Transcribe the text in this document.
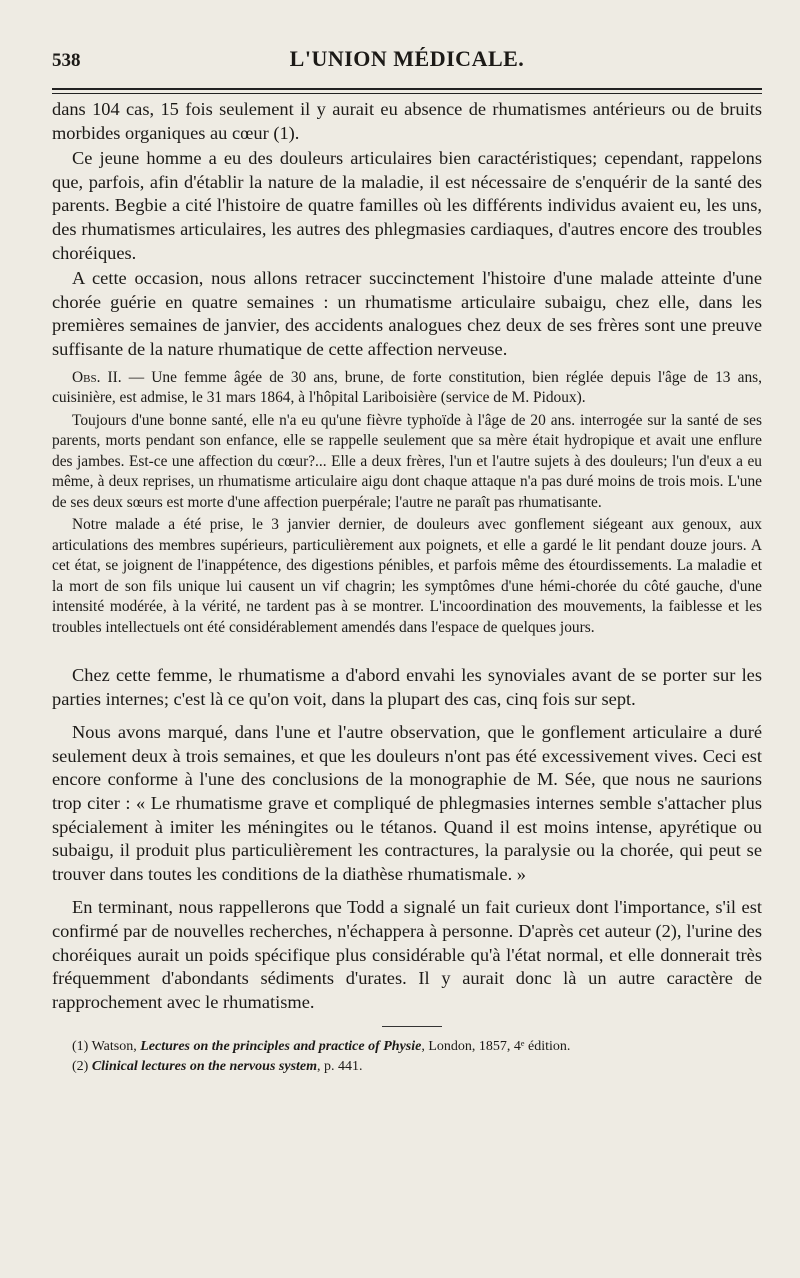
538	L'UNION MÉDICALE.

dans 104 cas, 15 fois seulement il y aurait eu absence de rhumatismes antérieurs ou de bruits morbides organiques au cœur (1).

Ce jeune homme a eu des douleurs articulaires bien caractéristiques; cependant, rappelons que, parfois, afin d'établir la nature de la maladie, il est nécessaire de s'enquérir de la santé des parents. Begbie a cité l'histoire de quatre familles où les différents individus avaient eu, les uns, des rhumatismes articulaires, les autres des phlegmasies cardiaques, d'autres encore des troubles choréiques.

A cette occasion, nous allons retracer succinctement l'histoire d'une malade atteinte d'une chorée guérie en quatre semaines : un rhumatisme articulaire subaigu, chez elle, dans les premières semaines de janvier, des accidents analogues chez deux de ses frères sont une preuve suffisante de la nature rhumatique de cette affection nerveuse.

Obs. II. — Une femme âgée de 30 ans, brune, de forte constitution, bien réglée depuis l'âge de 13 ans, cuisinière, est admise, le 31 mars 1864, à l'hôpital Lariboisière (service de M. Pidoux).

Toujours d'une bonne santé, elle n'a eu qu'une fièvre typhoïde à l'âge de 20 ans. interrogée sur la santé de ses parents, morts pendant son enfance, elle se rappelle seulement que sa mère était hydropique et avait une enflure des jambes. Est-ce une affection du cœur?... Elle a deux frères, l'un et l'autre sujets à des douleurs; l'un d'eux a eu même, à deux reprises, un rhumatisme articulaire aigu dont chaque attaque n'a pas duré moins de trois mois. L'une de ses deux sœurs est morte d'une affection puerpérale; l'autre ne paraît pas rhumatisante.

Notre malade a été prise, le 3 janvier dernier, de douleurs avec gonflement siégeant aux genoux, aux articulations des membres supérieurs, particulièrement aux poignets, et elle a gardé le lit pendant douze jours. A cet état, se joignent de l'inappétence, des digestions pénibles, et parfois même des étourdissements. La maladie et la mort de son fils unique lui causent un vif chagrin; les symptômes d'une hémi-chorée du côté gauche, d'une intensité modérée, à la vérité, ne tardent pas à se montrer. L'incoordination des mouvements, la faiblesse et les troubles intellectuels ont été considérablement amendés dans l'espace de quelques jours.

Chez cette femme, le rhumatisme a d'abord envahi les synoviales avant de se porter sur les parties internes; c'est là ce qu'on voit, dans la plupart des cas, cinq fois sur sept.

Nous avons marqué, dans l'une et l'autre observation, que le gonflement articulaire a duré seulement deux à trois semaines, et que les douleurs n'ont pas été excessivement vives. Ceci est encore conforme à l'une des conclusions de la monographie de M. Sée, que nous ne saurions trop citer : « Le rhumatisme grave et compliqué de phlegmasies internes semble s'attacher plus spécialement à imiter les méningites ou le tétanos. Quand il est moins intense, apyrétique ou subaigu, il produit plus particulièrement les contractures, la paralysie ou la chorée, qui peut se trouver dans toutes les conditions de la diathèse rhumatismale. »

En terminant, nous rappellerons que Todd a signalé un fait curieux dont l'importance, s'il est confirmé par de nouvelles recherches, n'échappera à personne. D'après cet auteur (2), l'urine des choréiques aurait un poids spécifique plus considérable qu'à l'état normal, et elle donnerait très fréquemment d'abondants sédiments d'urates. Il y aurait donc là un autre caractère de rapprochement avec le rhumatisme.

(1) Watson, Lectures on the principles and practice of Physie, London, 1857, 4ᵉ édition.

(2) Clinical lectures on the nervous system, p. 441.
